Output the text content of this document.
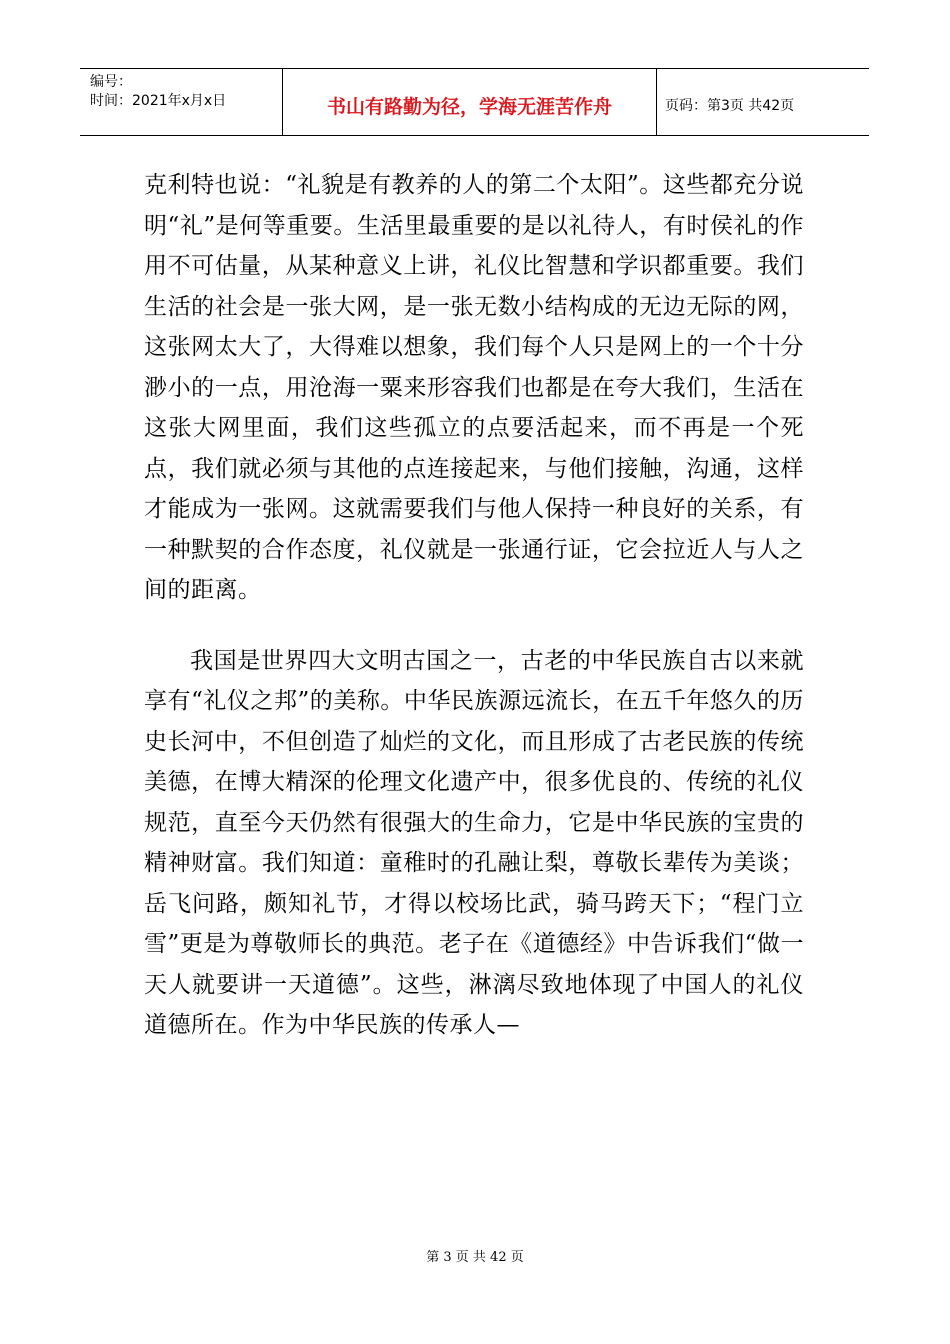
编号：
时间：2021年x月x日	书山有路勤为径，学海无涯苦作舟	页码：第3页 共42页

克利特也说：“礼貌是有教养的人的第二个太阳”。这些都充分说明“礼”是何等重要。生活里最重要的是以礼待人，有时侯礼的作用不可估量，从某种意义上讲，礼仪比智慧和学识都重要。我们生活的社会是一张大网，是一张无数小结构成的无边无际的网，这张网太大了，大得难以想象，我们每个人只是网上的一个十分渺小的一点，用沧海一粟来形容我们也都是在夸大我们，生活在这张大网里面，我们这些孤立的点要活起来，而不再是一个死点，我们就必须与其他的点连接起来，与他们接触，沟通，这样才能成为一张网。这就需要我们与他人保持一种良好的关系，有一种默契的合作态度，礼仪就是一张通行证，它会拉近人与人之间的距离。

我国是世界四大文明古国之一，古老的中华民族自古以来就享有“礼仪之邦”的美称。中华民族源远流长，在五千年悠久的历史长河中，不但创造了灿烂的文化，而且形成了古老民族的传统美德，在博大精深的伦理文化遗产中，很多优良的、传统的礼仪规范，直至今天仍然有很强大的生命力，它是中华民族的宝贵的精神财富。我们知道：童稚时的孔融让梨，尊敬长辈传为美谈；岳飞问路，颇知礼节，才得以校场比武，骑马跨天下；“程门立雪”更是为尊敬师长的典范。老子在《道德经》中告诉我们“做一天人就要讲一天道德”。这些，淋漓尽致地体现了中国人的礼仪道德所在。作为中华民族的传承人—

第 3 页 共 42 页
